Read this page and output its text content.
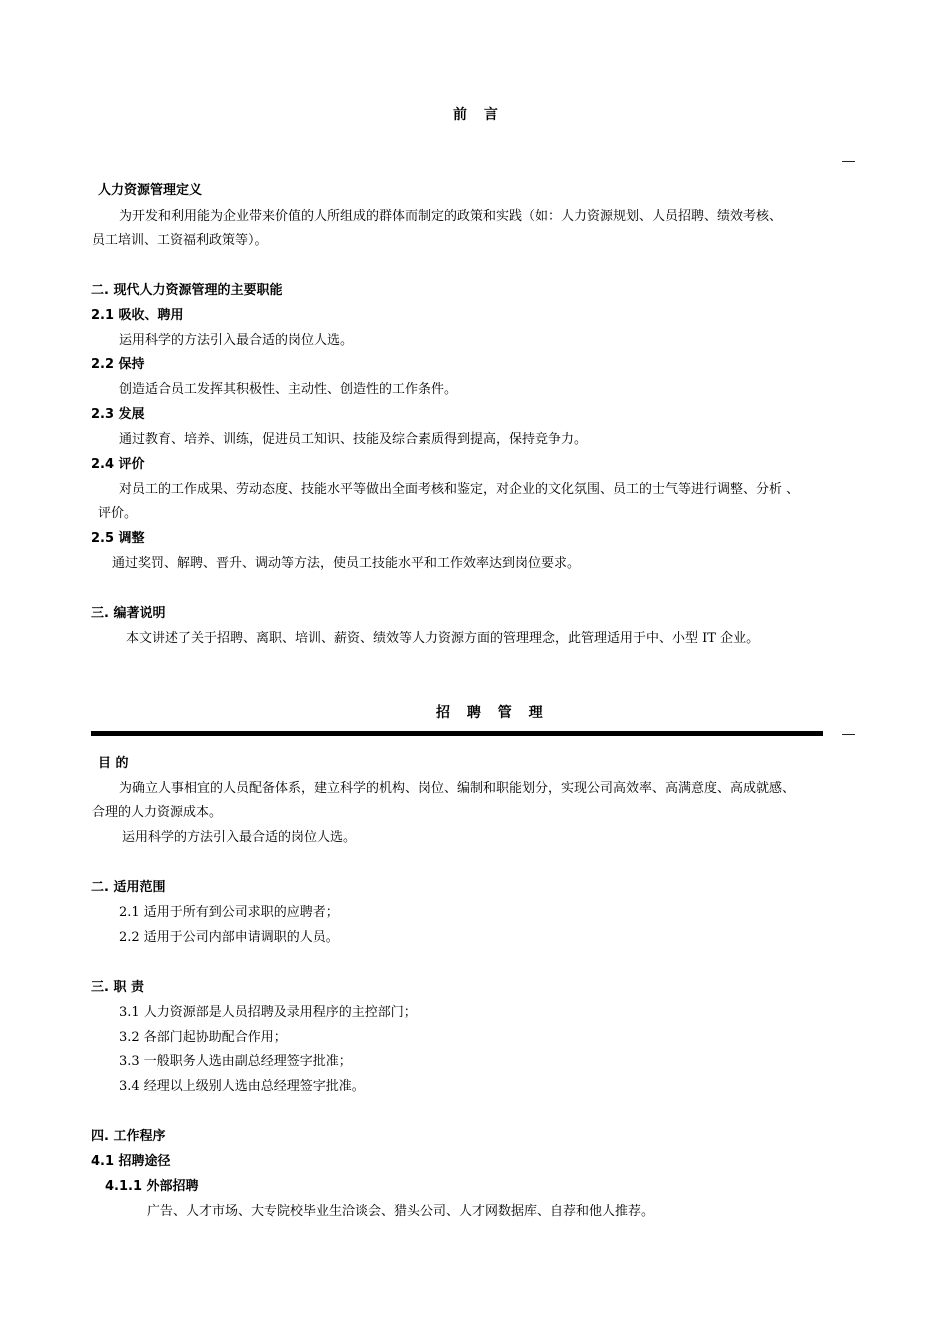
前 言
—
人力资源管理定义
为开发和利用能为企业带来价值的人所组成的群体而制定的政策和实践（如：人力资源规划、人员招聘、绩效考核、
员工培训、工资福利政策等）。
二. 现代人力资源管理的主要职能
2.1 吸收、聘用
运用科学的方法引入最合适的岗位人选。
2.2 保持
创造适合员工发挥其积极性、主动性、创造性的工作条件。
2.3 发展
通过教育、培养、训练，促进员工知识、技能及综合素质得到提高，保持竞争力。
2.4 评价
对员工的工作成果、劳动态度、技能水平等做出全面考核和鉴定，对企业的文化氛围、员工的士气等进行调整、分析 、
评价。
2.5 调整
通过奖罚、解聘、晋升、调动等方法，使员工技能水平和工作效率达到岗位要求。
三. 编著说明
本文讲述了关于招聘、离职、培训、薪资、绩效等人力资源方面的管理理念，此管理适用于中、小型 IT 企业。
招 聘 管 理
—
目 的
为确立人事相宜的人员配备体系，建立科学的机构、岗位、编制和职能划分，实现公司高效率、高满意度、高成就感、
合理的人力资源成本。
运用科学的方法引入最合适的岗位人选。
二. 适用范围
2.1 适用于所有到公司求职的应聘者；
2.2 适用于公司内部申请调职的人员。
三. 职 责
3.1 人力资源部是人员招聘及录用程序的主控部门；
3.2 各部门起协助配合作用；
3.3 一般职务人选由副总经理签字批准；
3.4 经理以上级别人选由总经理签字批准。
四. 工作程序
4.1 招聘途径
4.1.1 外部招聘
广告、人才市场、大专院校毕业生洽谈会、猎头公司、人才网数据库、自荐和他人推荐。
